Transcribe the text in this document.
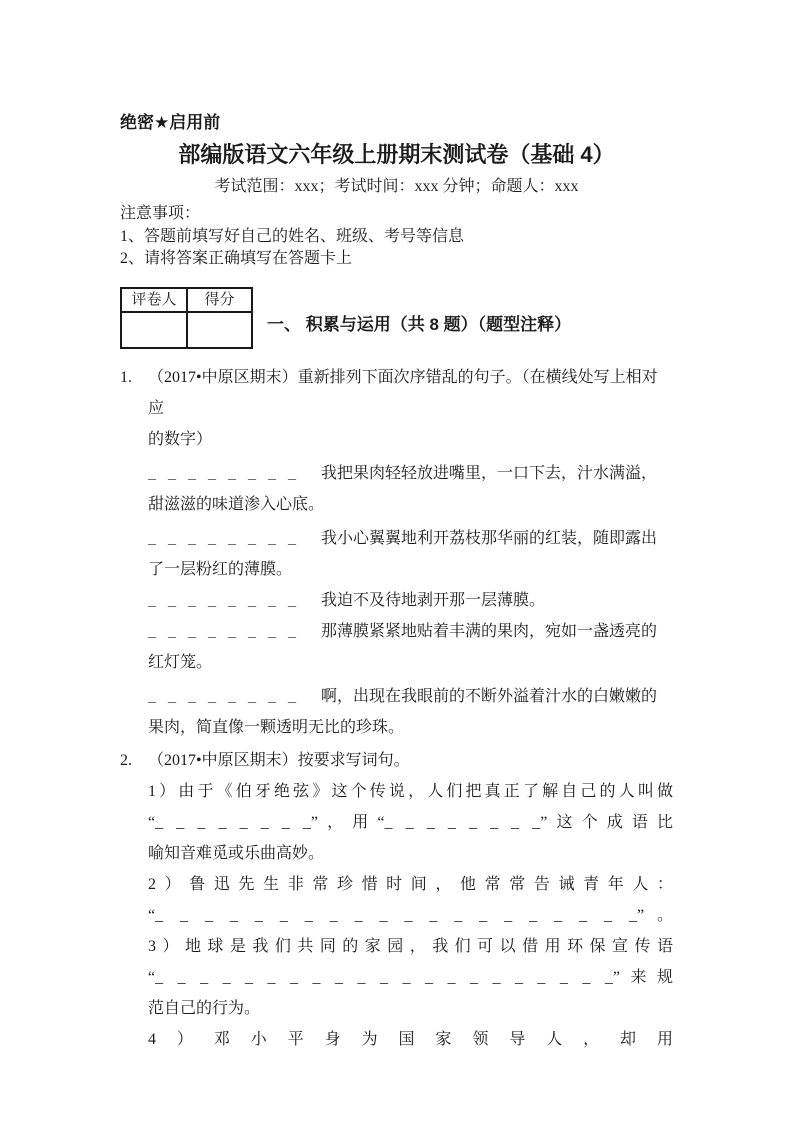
绝密★启用前
部编版语文六年级上册期末测试卷（基础 4）
考试范围：xxx；考试时间：xxx 分钟；命题人：xxx
注意事项：
1、答题前填写好自己的姓名、班级、考号等信息
2、请将答案正确填写在答题卡上
评卷人	得分
一、 积累与运用（共 8 题）（题型注释）
1.	（2017•中原区期末）重新排列下面次序错乱的句子。（在横线处写上相对应
的数字）
_ _ _ _ _ _ _ _ 我把果肉轻轻放进嘴里，一口下去，汁水满溢，
甜滋滋的味道渗入心底。
_ _ _ _ _ _ _ _ 我小心翼翼地利开荔枝那华丽的红装，随即露出
了一层粉红的薄膜。
_ _ _ _ _ _ _ _ 我迫不及待地剥开那一层薄膜。
_ _ _ _ _ _ _ _ 那薄膜紧紧地贴着丰满的果肉，宛如一盏透亮的
红灯笼。
_ _ _ _ _ _ _ _ 啊，出现在我眼前的不断外溢着汁水的白嫩嫩的
果肉，简直像一颗透明无比的珍珠。
2.	（2017•中原区期末）按要求写词句。
1）由于《伯牙绝弦》这个传说，人们把真正了解自己的人叫做
“_ _ _ _ _ _ _ _”，用“_ _ _ _ _ _ _ _”这个成语比
喻知音难觅或乐曲高妙。
2）鲁迅先生非常珍惜时间，他常常告诫青年人：
“_ _ _ _ _ _ _ _ _ _ _ _ _ _ _ _ _ _ _ _”。
3）地球是我们共同的家园，我们可以借用环保宣传语
“_ _ _ _ _ _ _ _ _ _ _ _ _ _ _ _ _ _ _ _ _”来规
范自己的行为。
4）邓小平身为国家领导人，却用
